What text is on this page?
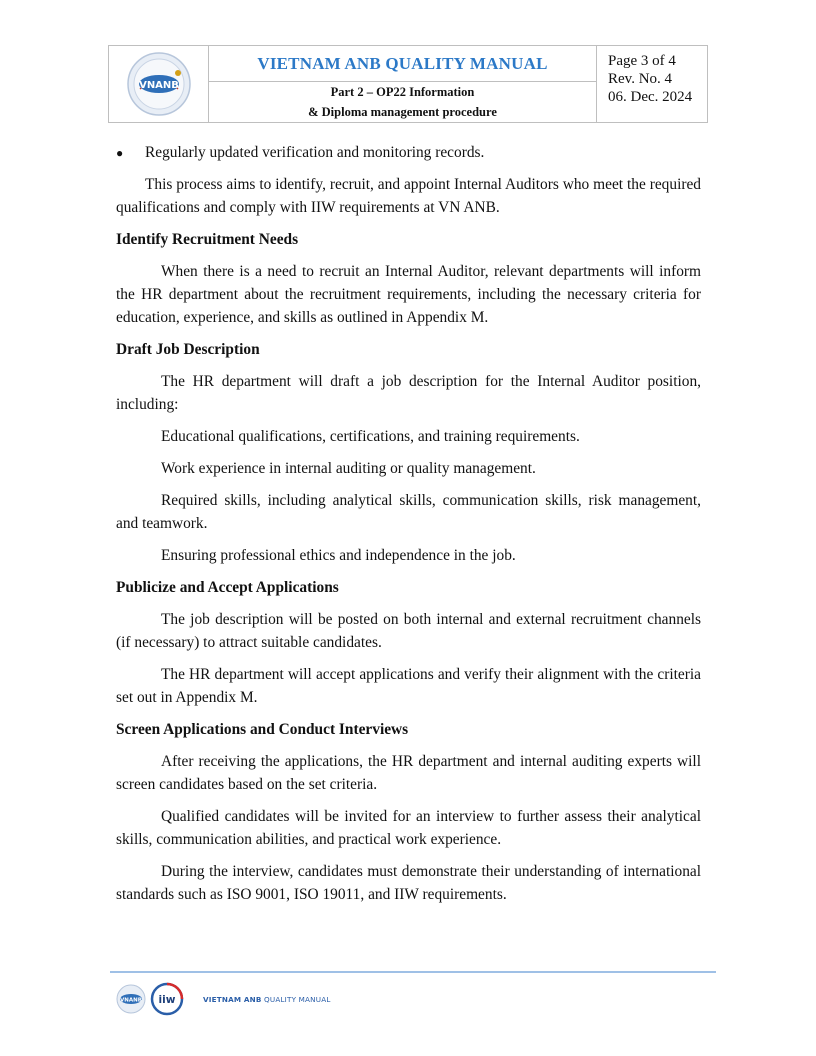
VNANB
VIETNAM ANB QUALITY MANUAL
Part 2 – OP22 Information
& Diploma management procedure
Page 3 of 4
Rev. No. 4
06. Dec. 2024
●	Regularly updated verification and monitoring records.

This process aims to identify, recruit, and appoint Internal Auditors who meet the required qualifications and comply with IIW requirements at VN ANB.

Identify Recruitment Needs

When there is a need to recruit an Internal Auditor, relevant departments will inform the HR department about the recruitment requirements, including the necessary criteria for education, experience, and skills as outlined in Appendix M.

Draft Job Description

The HR department will draft a job description for the Internal Auditor position, including:

Educational qualifications, certifications, and training requirements.

Work experience in internal auditing or quality management.

Required skills, including analytical skills, communication skills, risk management, and teamwork.

Ensuring professional ethics and independence in the job.

Publicize and Accept Applications

The job description will be posted on both internal and external recruitment channels (if necessary) to attract suitable candidates.

The HR department will accept applications and verify their alignment with the criteria set out in Appendix M.

Screen Applications and Conduct Interviews

After receiving the applications, the HR department and internal auditing experts will screen candidates based on the set criteria.

Qualified candidates will be invited for an interview to further assess their analytical skills, communication abilities, and practical work experience.

During the interview, candidates must demonstrate their understanding of international standards such as ISO 9001, ISO 19011, and IIW requirements.

VNANB iiw	VIETNAM ANB QUALITY MANUAL
